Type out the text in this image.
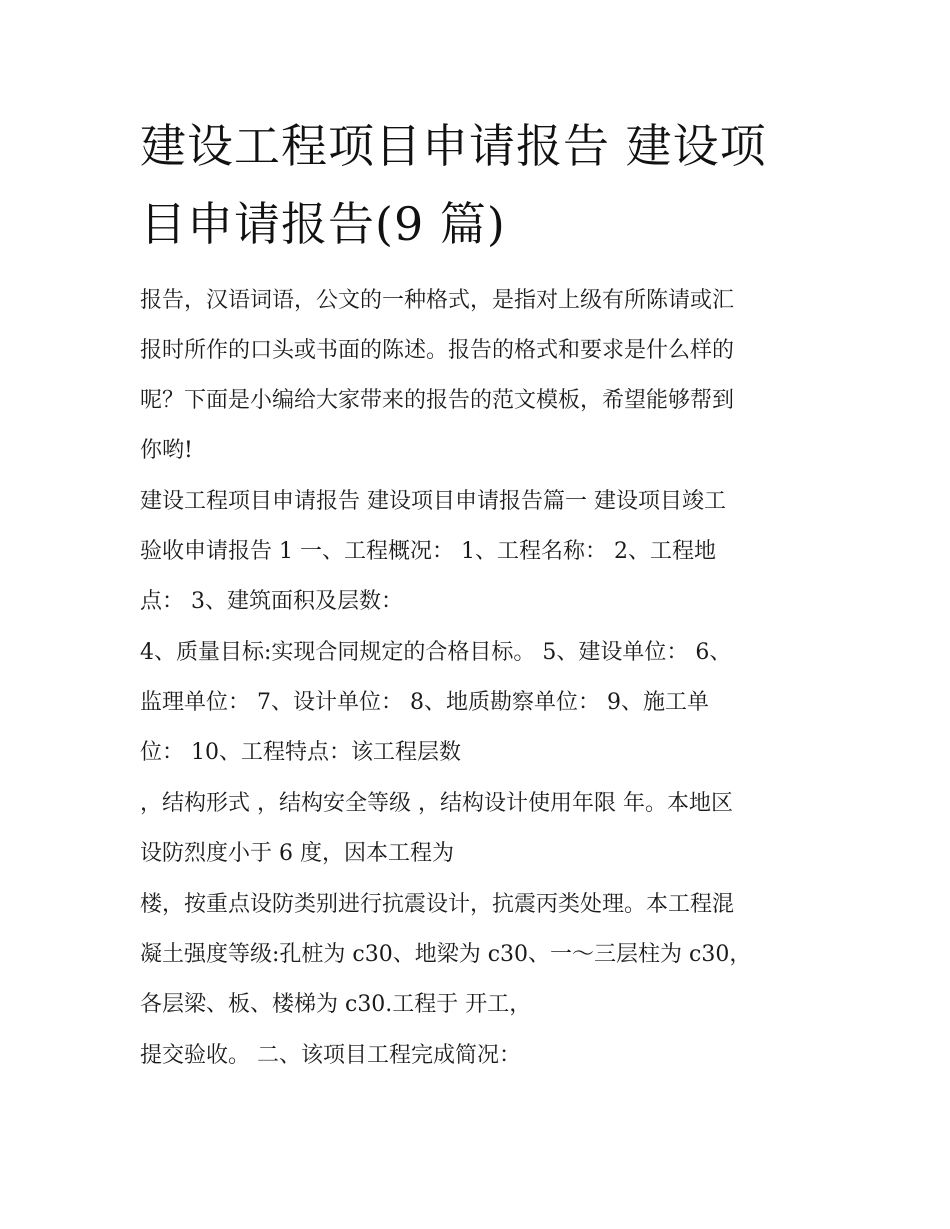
建设工程项目申请报告 建设项
目申请报告(9 篇)
报告，汉语词语，公文的一种格式，是指对上级有所陈请或汇
报时所作的口头或书面的陈述。报告的格式和要求是什么样的
呢？下面是小编给大家带来的报告的范文模板，希望能够帮到
你哟!
建设工程项目申请报告 建设项目申请报告篇一 建设项目竣工
验收申请报告 1 一、工程概况： 1、工程名称： 2、工程地
点： 3、建筑面积及层数：
4、质量目标:实现合同规定的合格目标。 5、建设单位： 6、
监理单位： 7、设计单位： 8、地质勘察单位： 9、施工单
位： 10、工程特点：该工程层数
，结构形式 ，结构安全等级 ，结构设计使用年限 年。本地区
设防烈度小于 6 度，因本工程为
楼，按重点设防类别进行抗震设计，抗震丙类处理。本工程混
凝土强度等级:孔桩为 c30、地梁为 c30、一～三层柱为 c30，
各层梁、板、楼梯为 c30.工程于 开工，
提交验收。 二、该项目工程完成简况：
